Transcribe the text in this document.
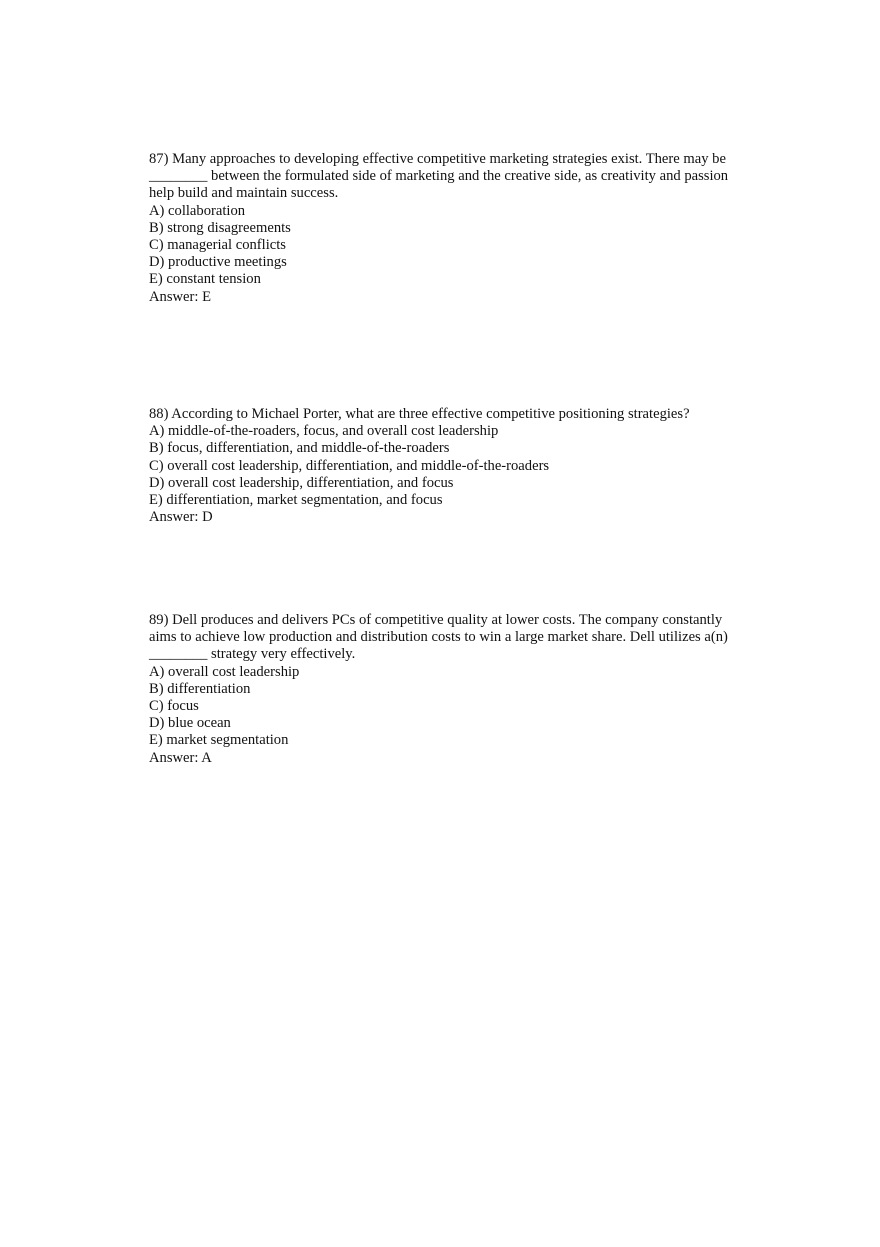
87) Many approaches to developing effective competitive marketing strategies exist. There may be ________ between the formulated side of marketing and the creative side, as creativity and passion help build and maintain success.

A) collaboration
B) strong disagreements
C) managerial conflicts
D) productive meetings
E) constant tension
Answer: E

88) According to Michael Porter, what are three effective competitive positioning strategies?

A) middle-of-the-roaders, focus, and overall cost leadership
B) focus, differentiation, and middle-of-the-roaders
C) overall cost leadership, differentiation, and middle-of-the-roaders
D) overall cost leadership, differentiation, and focus
E) differentiation, market segmentation, and focus
Answer: D

89) Dell produces and delivers PCs of competitive quality at lower costs. The company constantly aims to achieve low production and distribution costs to win a large market share. Dell utilizes a(n) ________ strategy very effectively.

A) overall cost leadership
B) differentiation
C) focus
D) blue ocean
E) market segmentation
Answer: A
